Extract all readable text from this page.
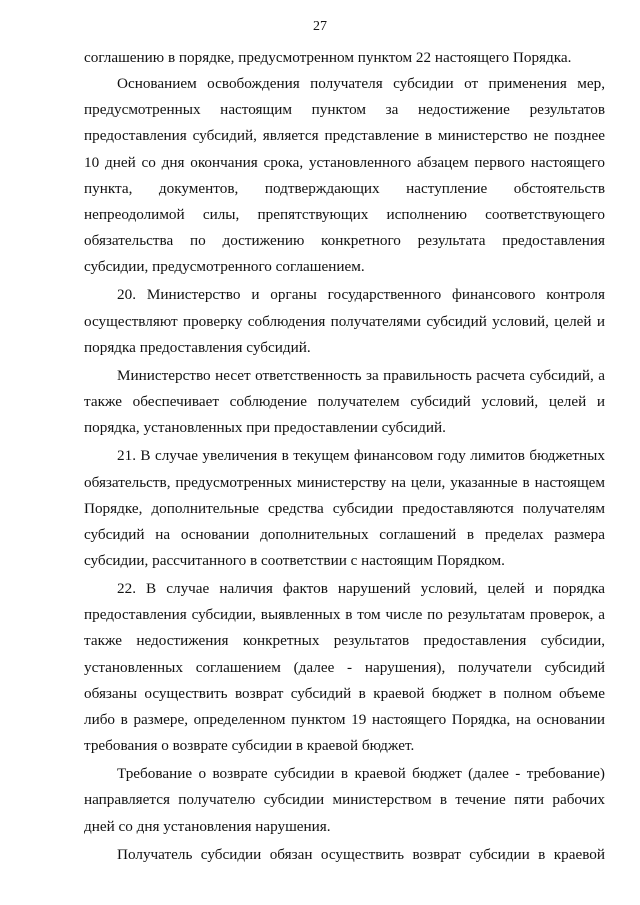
27

соглашению в порядке, предусмотренном пунктом 22 настоящего Порядка.

Основанием освобождения получателя субсидии от применения мер, предусмотренных настоящим пунктом за недостижение результатов предоставления субсидий, является представление в министерство не позднее 10 дней со дня окончания срока, установленного абзацем первого настоящего пункта, документов, подтверждающих наступление обстоятельств непреодолимой силы, препятствующих исполнению соответствующего обязательства по достижению конкретного результата предоставления субсидии, предусмотренного соглашением.

20. Министерство и органы государственного финансового контроля осуществляют проверку соблюдения получателями субсидий условий, целей и порядка предоставления субсидий.

Министерство несет ответственность за правильность расчета субсидий, а также обеспечивает соблюдение получателем субсидий условий, целей и порядка, установленных при предоставлении субсидий.

21. В случае увеличения в текущем финансовом году лимитов бюджетных обязательств, предусмотренных министерству на цели, указанные в настоящем Порядке, дополнительные средства субсидии предоставляются получателям субсидий на основании дополнительных соглашений в пределах размера субсидии, рассчитанного в соответствии с настоящим Порядком.

22. В случае наличия фактов нарушений условий, целей и порядка предоставления субсидии, выявленных в том числе по результатам проверок, а также недостижения конкретных результатов предоставления субсидии, установленных соглашением (далее - нарушения), получатели субсидий обязаны осуществить возврат субсидий в краевой бюджет в полном объеме либо в размере, определенном пунктом 19 настоящего Порядка, на основании требования о возврате субсидии в краевой бюджет.

Требование о возврате субсидии в краевой бюджет (далее - требование) направляется получателю субсидии министерством в течение пяти рабочих дней со дня установления нарушения.

Получатель субсидии обязан осуществить возврат субсидии в краевой
